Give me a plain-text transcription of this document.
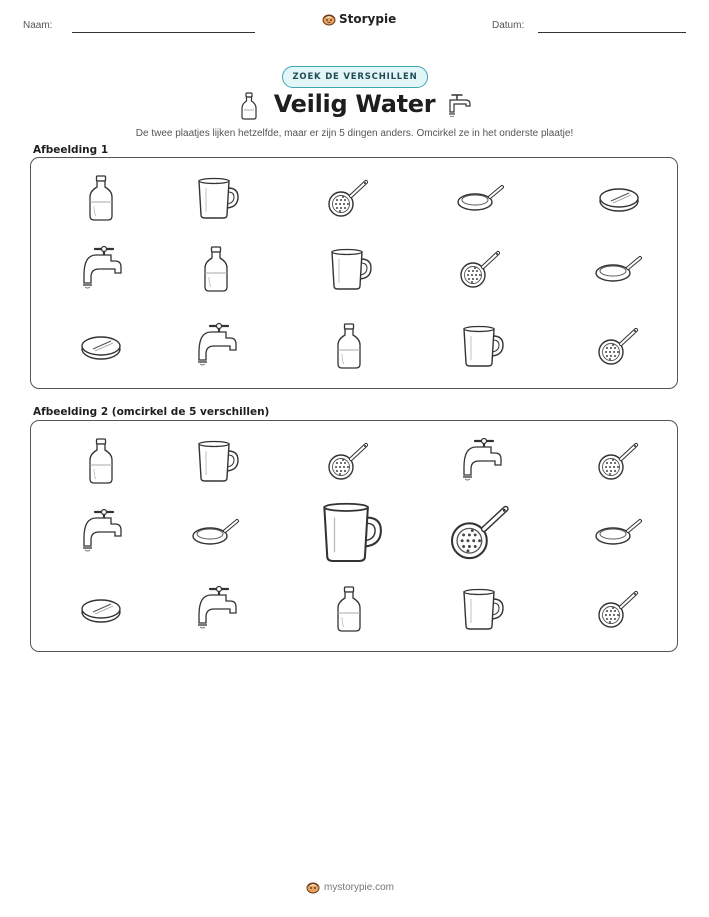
Naam:	Storypie	Datum:
ZOEK DE VERSCHILLEN
Veilig Water
De twee plaatjes lijken hetzelfde, maar er zijn 5 dingen anders. Omcirkel ze in het onderste plaatje!
Afbeelding 1
Afbeelding 2 (omcirkel de 5 verschillen)
mystorypie.com
